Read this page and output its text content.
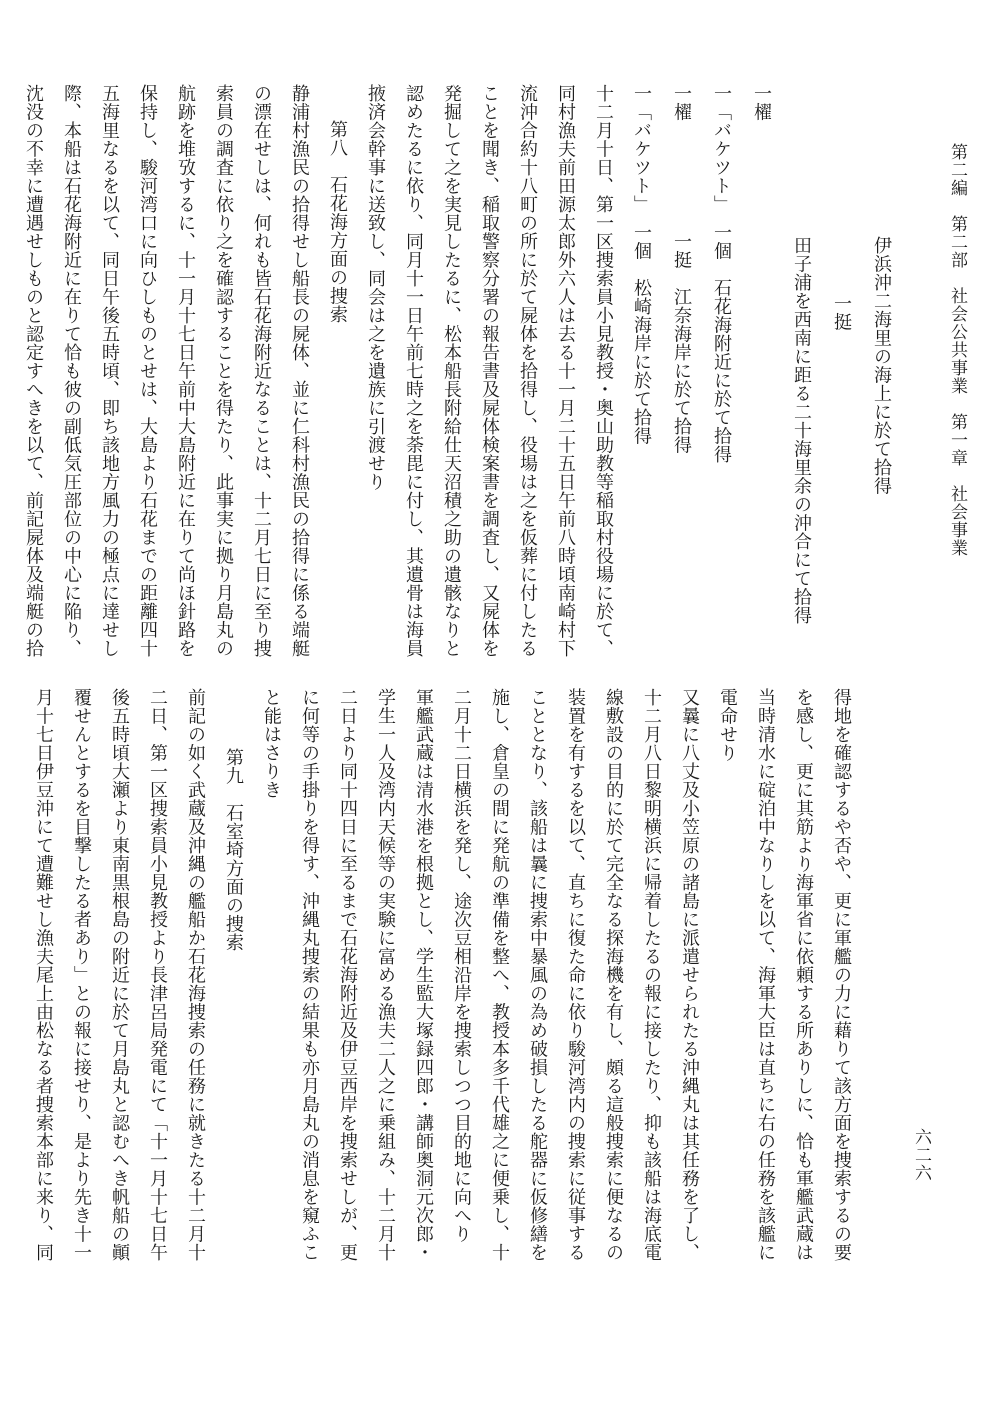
第二編　第二部　社会公共事業　第一章　社会事業
六二六
伊浜沖二海里の海上に於て拾得
一挺
田子浦を西南に距る二十海里余の沖合にて拾得
一櫂
一「バケツト」　一個　石花海附近に於て拾得
一櫂　　　　　　一挺　江奈海岸に於て拾得
一「バケツト」　一個　松崎海岸に於て拾得
十二月十日、第一区捜索員小見教授・奥山助教等稲取村役場に於て、
同村漁夫前田源太郎外六人は去る十一月二十五日午前八時頃南崎村下
流沖合約十八町の所に於て屍体を拾得し、役場は之を仮葬に付したる
ことを聞き、稲取警察分署の報告書及屍体検案書を調査し、又屍体を
発掘して之を実見したるに、松本船長附給仕天沼積之助の遺骸なりと
認めたるに依り、同月十一日午前七時之を荼毘に付し、其遺骨は海員
掖済会幹事に送致し、同会は之を遺族に引渡せり
第八　石花海方面の捜索
静浦村漁民の拾得せし船長の屍体、並に仁科村漁民の拾得に係る端艇
の漂在せしは、何れも皆石花海附近なることは、十二月七日に至り捜
索員の調査に依り之を確認することを得たり、此事実に拠り月島丸の
航跡を堆攷するに、十一月十七日午前中大島附近に在りて尚ほ針路を
保持し、駿河湾口に向ひしものとせは、大島より石花までの距離四十
五海里なるを以て、同日午後五時頃、即ち該地方風力の極点に達せし
際、本船は石花海附近に在りて恰も彼の副低気圧部位の中心に陥り、
沈没の不幸に遭遇せしものと認定すへきを以て、前記屍体及端艇の拾
得地を確認するや否や、更に軍艦の力に藉りて該方面を捜索するの要
を感し、更に其筋より海軍省に依頼する所ありしに、恰も軍艦武蔵は
当時清水に碇泊中なりしを以て、海軍大臣は直ちに右の任務を該艦に
電命せり
又曩に八丈及小笠原の諸島に派遣せられたる沖縄丸は其任務を了し、
十二月八日黎明横浜に帰着したるの報に接したり、抑も該船は海底電
線敷設の目的に於て完全なる探海機を有し、頗る這般捜索に便なるの
装置を有するを以て、直ちに復た命に依り駿河湾内の捜索に従事する
こととなり、該船は曩に捜索中暴風の為め破損したる舵器に仮修繕を
施し、倉皇の間に発航の準備を整へ、教授本多千代雄之に便乗し、十
二月十二日横浜を発し、途次豆相沿岸を捜索しつつ目的地に向へり
軍艦武蔵は清水港を根拠とし、学生監大塚録四郎・講師奥洞元次郎・
学生一人及湾内天候等の実験に富める漁夫二人之に乗組み、十二月十
二日より同十四日に至るまで石花海附近及伊豆西岸を捜索せしが、更
に何等の手掛りを得す、沖縄丸捜索の結果も亦月島丸の消息を窺ふこ
と能はさりき
第九　石室埼方面の捜索
前記の如く武蔵及沖縄の艦船か石花海捜索の任務に就きたる十二月十
二日、第一区捜索員小見教授より長津呂局発電にて「十一月十七日午
後五時頃大瀬より東南黒根島の附近に於て月島丸と認むへき帆船の顚
覆せんとするを目撃したる者あり」との報に接せり、是より先き十一
月十七日伊豆沖にて遭難せし漁夫尾上由松なる者捜索本部に来り、同
